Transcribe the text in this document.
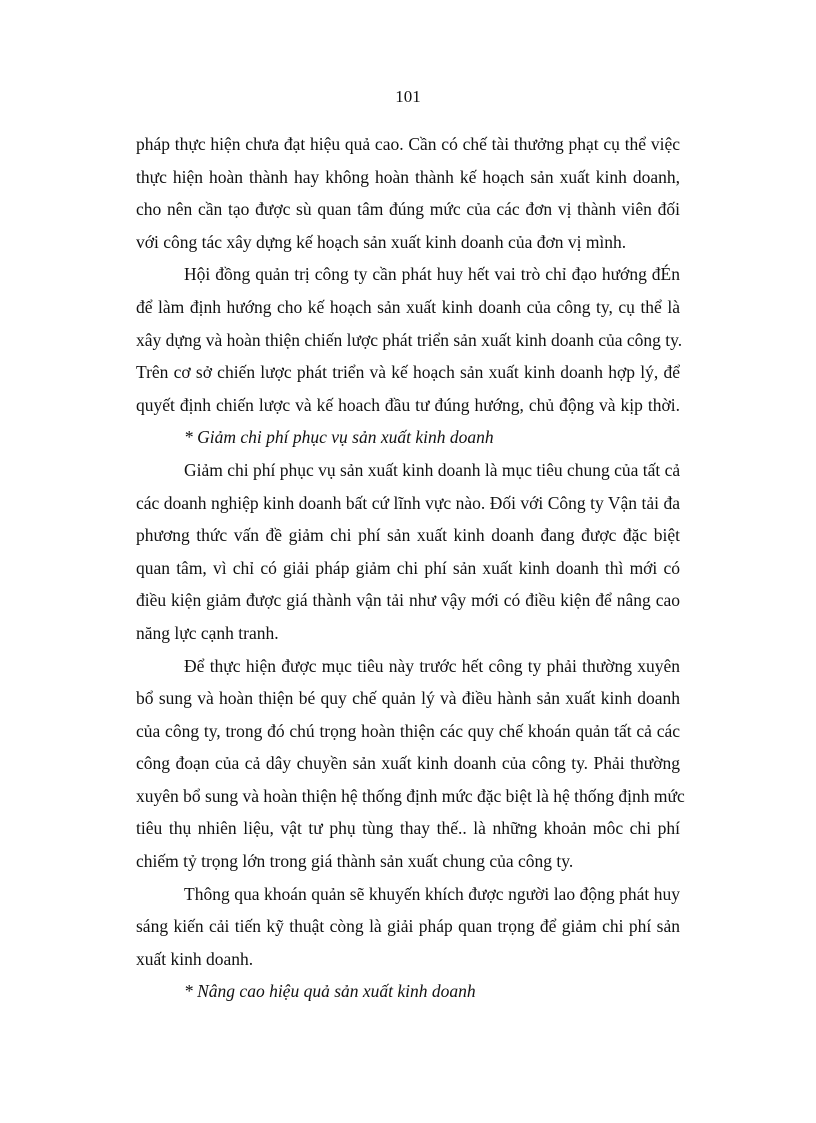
101
pháp thực hiện chưa đạt hiệu quả cao. Cần có chế tài thưởng phạt cụ thể việc
thực hiện hoàn thành hay không hoàn thành kế hoạch sản xuất kinh doanh,
cho nên cần tạo được sù quan tâm đúng mức của các đơn vị thành viên đối
với công tác xây dựng kế hoạch sản xuất kinh doanh của đơn vị mình.
Hội đồng quản trị công ty cần phát huy hết vai trò chỉ đạo hướng đÉn
để làm định hướng cho kế hoạch sản xuất kinh doanh của công ty, cụ thể là
xây dựng và hoàn thiện chiến lược phát triển sản xuất kinh doanh của công ty.
Trên cơ sở chiến lược phát triển và kế hoạch sản xuất kinh doanh hợp lý, để
quyết định chiến lược và kế hoach đầu tư đúng hướng, chủ động và kịp thời.
* Giảm chi phí phục vụ sản xuất kinh doanh
Giảm chi phí phục vụ sản xuất kinh doanh là mục tiêu chung của tất cả
các doanh nghiệp kinh doanh bất cứ lĩnh vực nào. Đối với Công ty Vận tải đa
phương thức vấn đề giảm chi phí sản xuất kinh doanh đang được đặc biệt
quan tâm, vì chỉ có giải pháp giảm chi phí sản xuất kinh doanh thì mới có
điều kiện giảm được giá thành vận tải như vậy mới có điều kiện để nâng cao
năng lực cạnh tranh.
Để thực hiện được mục tiêu này trước hết công ty phải thường xuyên
bổ sung và hoàn thiện bé quy chế quản lý và điều hành sản xuất kinh doanh
của công ty, trong đó chú trọng hoàn thiện các quy chế khoán quản tất cả các
công đoạn của cả dây chuyền sản xuất kinh doanh của công ty. Phải thường
xuyên bổ sung và hoàn thiện hệ thống định mức đặc biệt là hệ thống định mức
tiêu thụ nhiên liệu, vật tư phụ tùng thay thế.. là những khoản môc chi phí
chiếm tỷ trọng lớn trong giá thành sản xuất chung của công ty.
Thông qua khoán quản sẽ khuyến khích được người lao động phát huy
sáng kiến cải tiến kỹ thuật còng là giải pháp quan trọng để giảm chi phí sản
xuất kinh doanh.
* Nâng cao hiệu quả sản xuất kinh doanh
